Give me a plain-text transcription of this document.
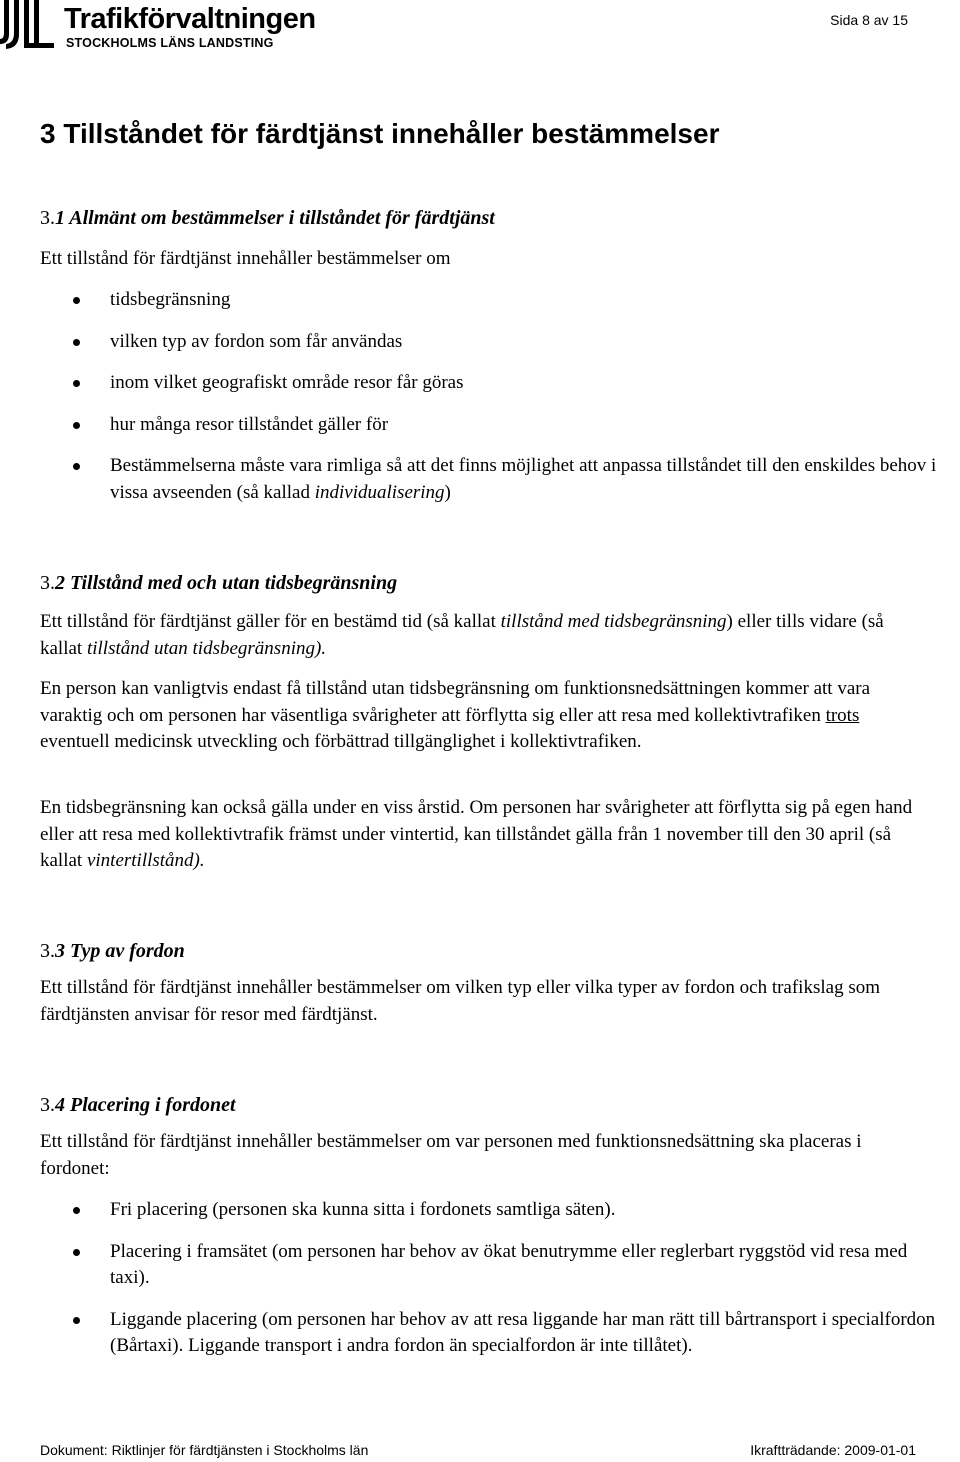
Trafikförvaltningen
STOCKHOLMS LÄNS LANDSTING
Sida 8 av 15
3 Tillståndet för färdtjänst innehåller bestämmelser
3.1 Allmänt om bestämmelser i tillståndet för färdtjänst
Ett tillstånd för färdtjänst innehåller bestämmelser om
tidsbegränsning
vilken typ av fordon som får användas
inom vilket geografiskt område resor får göras
hur många resor tillståndet gäller för
Bestämmelserna måste vara rimliga så att det finns möjlighet att anpassa tillståndet till den enskildes behov i vissa avseenden (så kallad individualisering)
3.2 Tillstånd med och utan tidsbegränsning
Ett tillstånd för färdtjänst gäller för en bestämd tid (så kallat tillstånd med tidsbegränsning) eller tills vidare (så kallat tillstånd utan tidsbegränsning).
En person kan vanligtvis endast få tillstånd utan tidsbegränsning om funktionsnedsättningen kommer att vara varaktig och om personen har väsentliga svårigheter att förflytta sig eller att resa med kollektivtrafiken trots eventuell medicinsk utveckling och förbättrad tillgänglighet i kollektivtrafiken.
En tidsbegränsning kan också gälla under en viss årstid. Om personen har svårigheter att förflytta sig på egen hand eller att resa med kollektivtrafik främst under vintertid, kan tillståndet gälla från 1 november till den 30 april (så kallat vintertillstånd).
3.3 Typ av fordon
Ett tillstånd för färdtjänst innehåller bestämmelser om vilken typ eller vilka typer av fordon och trafikslag som färdtjänsten anvisar för resor med färdtjänst.
3.4 Placering i fordonet
Ett tillstånd för färdtjänst innehåller bestämmelser om var personen med funktionsnedsättning ska placeras i fordonet:
Fri placering (personen ska kunna sitta i fordonets samtliga säten).
Placering i framsätet (om personen har behov av ökat benutrymme eller reglerbart ryggstöd vid resa med taxi).
Liggande placering (om personen har behov av att resa liggande har man rätt till bårtransport i specialfordon (Bårtaxi). Liggande transport i andra fordon än specialfordon är inte tillåtet).
Dokument: Riktlinjer för färdtjänsten i Stockholms län	Ikraftträdande: 2009-01-01
